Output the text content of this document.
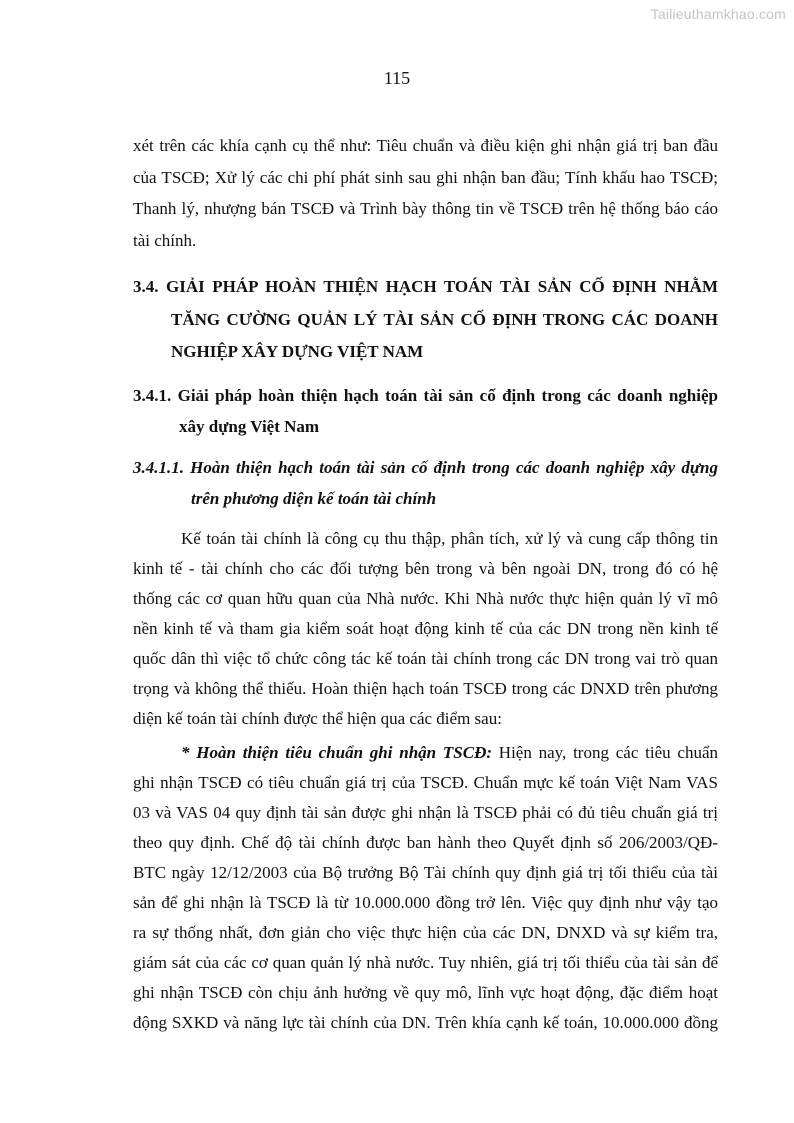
Tailieuthamkhao.com
115
xét trên các khía cạnh cụ thể như: Tiêu chuẩn và điều kiện ghi nhận giá trị ban đầu
của TSCĐ; Xử lý các chi phí phát sinh sau ghi nhận ban đầu; Tính khấu hao TSCĐ;
Thanh lý, nhượng bán TSCĐ và Trình bày thông tin về TSCĐ trên hệ thống báo cáo
tài chính.
3.4. GIẢI PHÁP HOÀN THIỆN HẠCH TOÁN TÀI SẢN CỐ ĐỊNH NHẰM
TĂNG CƯỜNG QUẢN LÝ TÀI SẢN CỐ ĐỊNH TRONG CÁC DOANH
NGHIỆP XÂY DỰNG VIỆT NAM
3.4.1. Giải pháp hoàn thiện hạch toán tài sản cố định trong các doanh nghiệp
xây dựng Việt Nam
3.4.1.1. Hoàn thiện hạch toán tài sản cố định trong các doanh nghiệp xây dựng
trên phương diện kế toán tài chính
Kế toán tài chính là công cụ thu thập, phân tích, xử lý và cung cấp thông tin
kinh tế - tài chính cho các đối tượng bên trong và bên ngoài DN, trong đó có hệ
thống các cơ quan hữu quan của Nhà nước. Khi Nhà nước thực hiện quản lý vĩ mô
nền kinh tế và tham gia kiểm soát hoạt động kinh tế của các DN trong nền kinh tế
quốc dân thì việc tổ chức công tác kế toán tài chính trong các DN trong vai trò quan
trọng và không thể thiếu. Hoàn thiện hạch toán TSCĐ trong các DNXD trên phương
diện kế toán tài chính được thể hiện qua các điểm sau:
* Hoàn thiện tiêu chuẩn ghi nhận TSCĐ: Hiện nay, trong các tiêu chuẩn
ghi nhận TSCĐ có tiêu chuẩn giá trị của TSCĐ. Chuẩn mực kế toán Việt Nam VAS
03 và VAS 04 quy định tài sản được ghi nhận là TSCĐ phải có đủ tiêu chuẩn giá trị
theo quy định. Chế độ tài chính được ban hành theo Quyết định số 206/2003/QĐ-
BTC ngày 12/12/2003 của Bộ trưởng Bộ Tài chính quy định giá trị tối thiểu của tài
sản để ghi nhận là TSCĐ là từ 10.000.000 đồng trở lên. Việc quy định như vậy tạo
ra sự thống nhất, đơn giản cho việc thực hiện của các DN, DNXD và sự kiểm tra,
giám sát của các cơ quan quản lý nhà nước. Tuy nhiên, giá trị tối thiểu của tài sản để
ghi nhận TSCĐ còn chịu ảnh hưởng về quy mô, lĩnh vực hoạt động, đặc điểm hoạt
động SXKD và năng lực tài chính của DN. Trên khía cạnh kế toán, 10.000.000 đồng
